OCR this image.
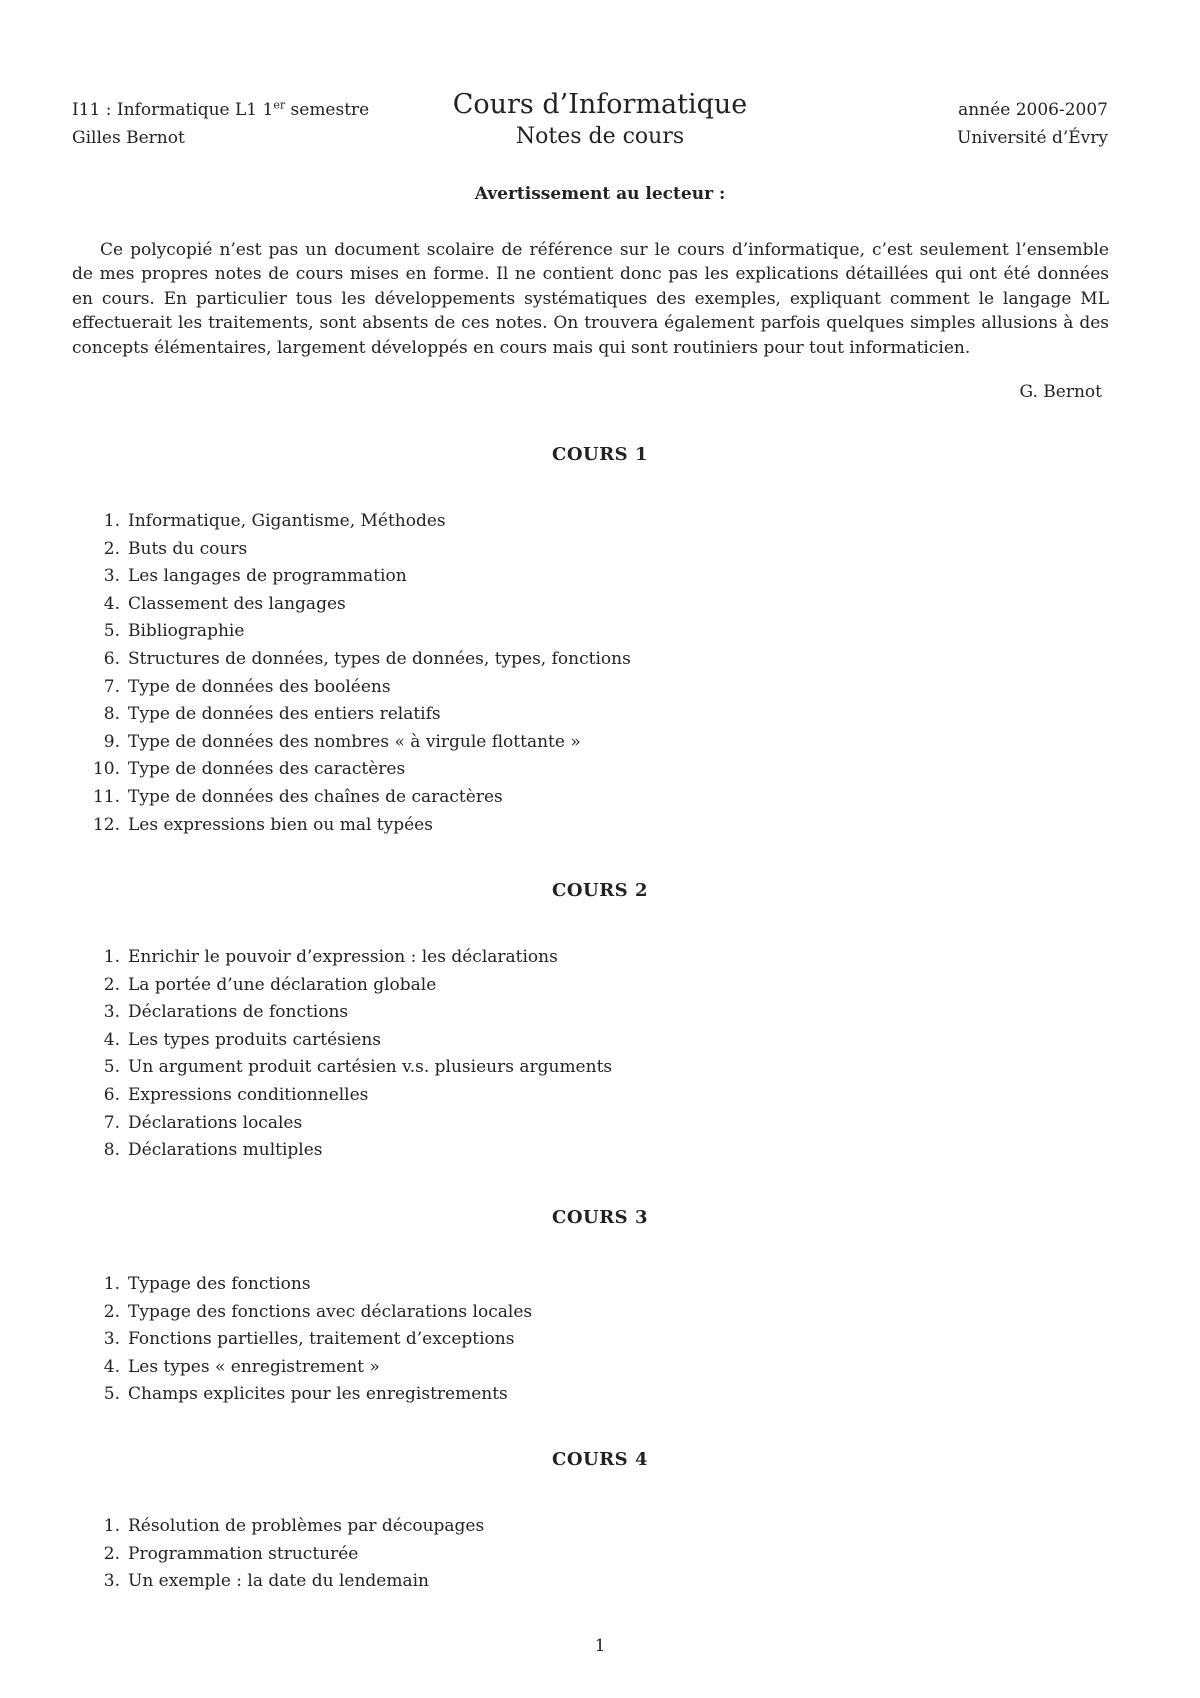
I11 : Informatique L1 1er semestre
Gilles Bernot
Cours d’Informatique
Notes de cours
année 2006-2007
Université d’Évry
Avertissement au lecteur :

Ce polycopié n’est pas un document scolaire de référence sur le cours d’informatique, c’est seulement l’ensemble de mes propres notes de cours mises en forme. Il ne contient donc pas les explications détaillées qui ont été données en cours. En particulier tous les développements systématiques des exemples, expliquant comment le langage ML effectuerait les traitements, sont absents de ces notes. On trouvera également parfois quelques simples allusions à des concepts élémentaires, largement développés en cours mais qui sont routiniers pour tout informaticien.

G. Bernot
COURS 1
1. Informatique, Gigantisme, Méthodes
2. Buts du cours
3. Les langages de programmation
4. Classement des langages
5. Bibliographie
6. Structures de données, types de données, types, fonctions
7. Type de données des booléens
8. Type de données des entiers relatifs
9. Type de données des nombres « à virgule flottante »
10. Type de données des caractères
11. Type de données des chaînes de caractères
12. Les expressions bien ou mal typées
COURS 2
1. Enrichir le pouvoir d’expression : les déclarations
2. La portée d’une déclaration globale
3. Déclarations de fonctions
4. Les types produits cartésiens
5. Un argument produit cartésien v.s. plusieurs arguments
6. Expressions conditionnelles
7. Déclarations locales
8. Déclarations multiples
COURS 3
1. Typage des fonctions
2. Typage des fonctions avec déclarations locales
3. Fonctions partielles, traitement d’exceptions
4. Les types « enregistrement »
5. Champs explicites pour les enregistrements
COURS 4
1. Résolution de problèmes par découpages
2. Programmation structurée
3. Un exemple : la date du lendemain
1
